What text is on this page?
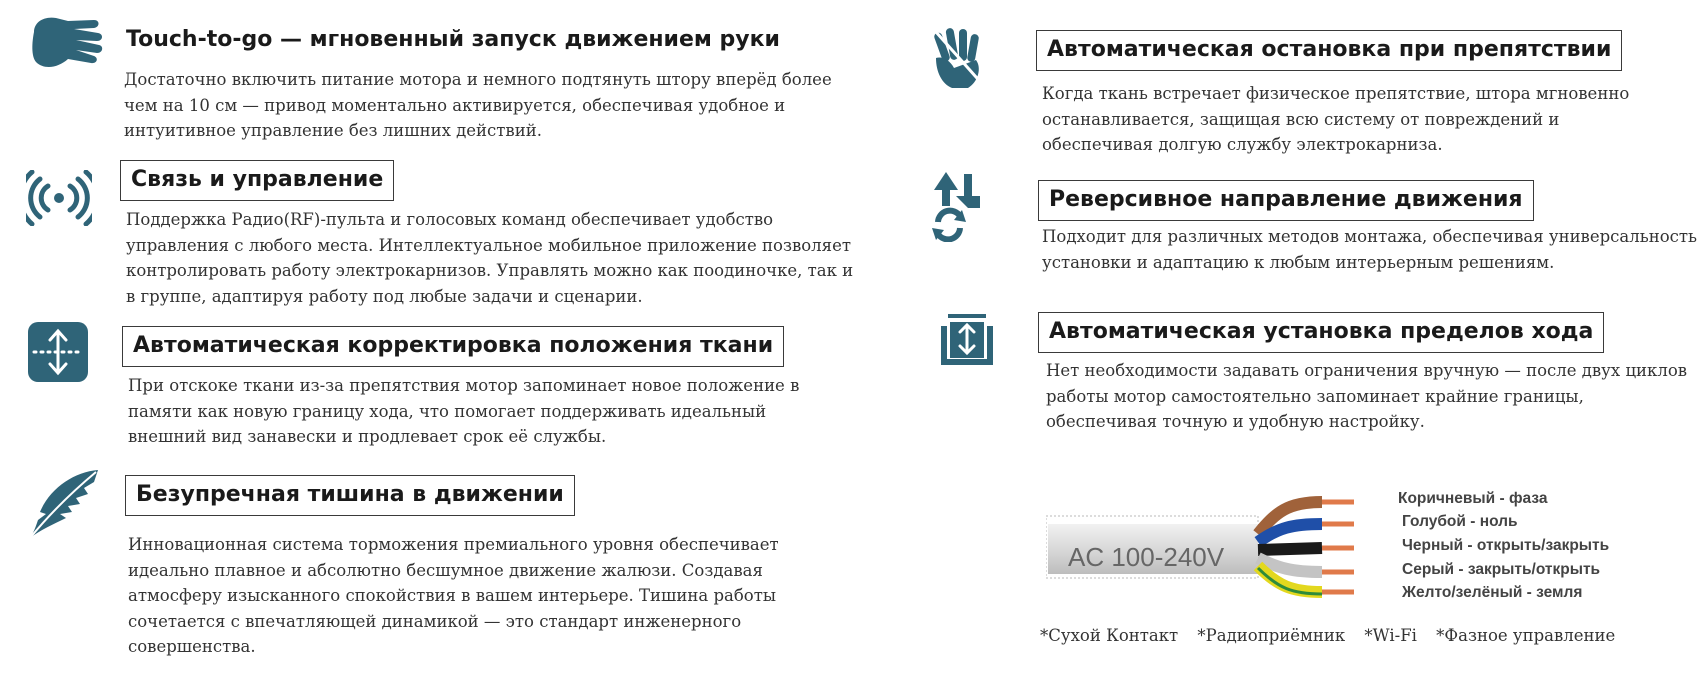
Touch-to-go — мгновенный запуск движением руки

Достаточно включить питание мотора и немного подтянуть штору вперёд более чем на 10 см — привод моментально активируется, обеспечивая удобное и интуитивное управление без лишних действий.

Связь и управление

Поддержка Радио(RF)-пульта и голосовых команд обеспечивает удобство управления с любого места. Интеллектуальное мобильное приложение позволяет контролировать работу электрокарнизов. Управлять можно как поодиночке, так и в группе, адаптируя работу под любые задачи и сценарии.

Автоматическая корректировка положения ткани

При отскоке ткани из-за препятствия мотор запоминает новое положение в памяти как новую границу хода, что помогает поддерживать идеальный внешний вид занавески и продлевает срок её службы.

Безупречная тишина в движении

Инновационная система торможения премиального уровня обеспечивает идеально плавное и абсолютно бесшумное движение жалюзи. Создавая атмосферу изысканного спокойствия в вашем интерьере. Тишина работы сочетается с впечатляющей динамикой — это стандарт инженерного совершенства.

Автоматическая остановка при препятствии

Когда ткань встречает физическое препятствие, штора мгновенно останавливается, защищая всю систему от повреждений и обеспечивая долгую службу электрокарниза.

Реверсивное направление движения

Подходит для различных методов монтажа, обеспечивая универсальность установки и адаптацию к любым интерьерным решениям.

Автоматическая установка пределов хода

Нет необходимости задавать ограничения вручную — после двух циклов работы мотор самостоятельно запоминает крайние границы, обеспечивая точную и удобную настройку.

AC 100-240V
Коричневый - фаза
Голубой - ноль
Черный - открыть/закрыть
Серый - закрыть/открыть
Желто/зелёный - земля
*Сухой Контакт *Радиоприёмник *Wi-Fi *Фазное управление
